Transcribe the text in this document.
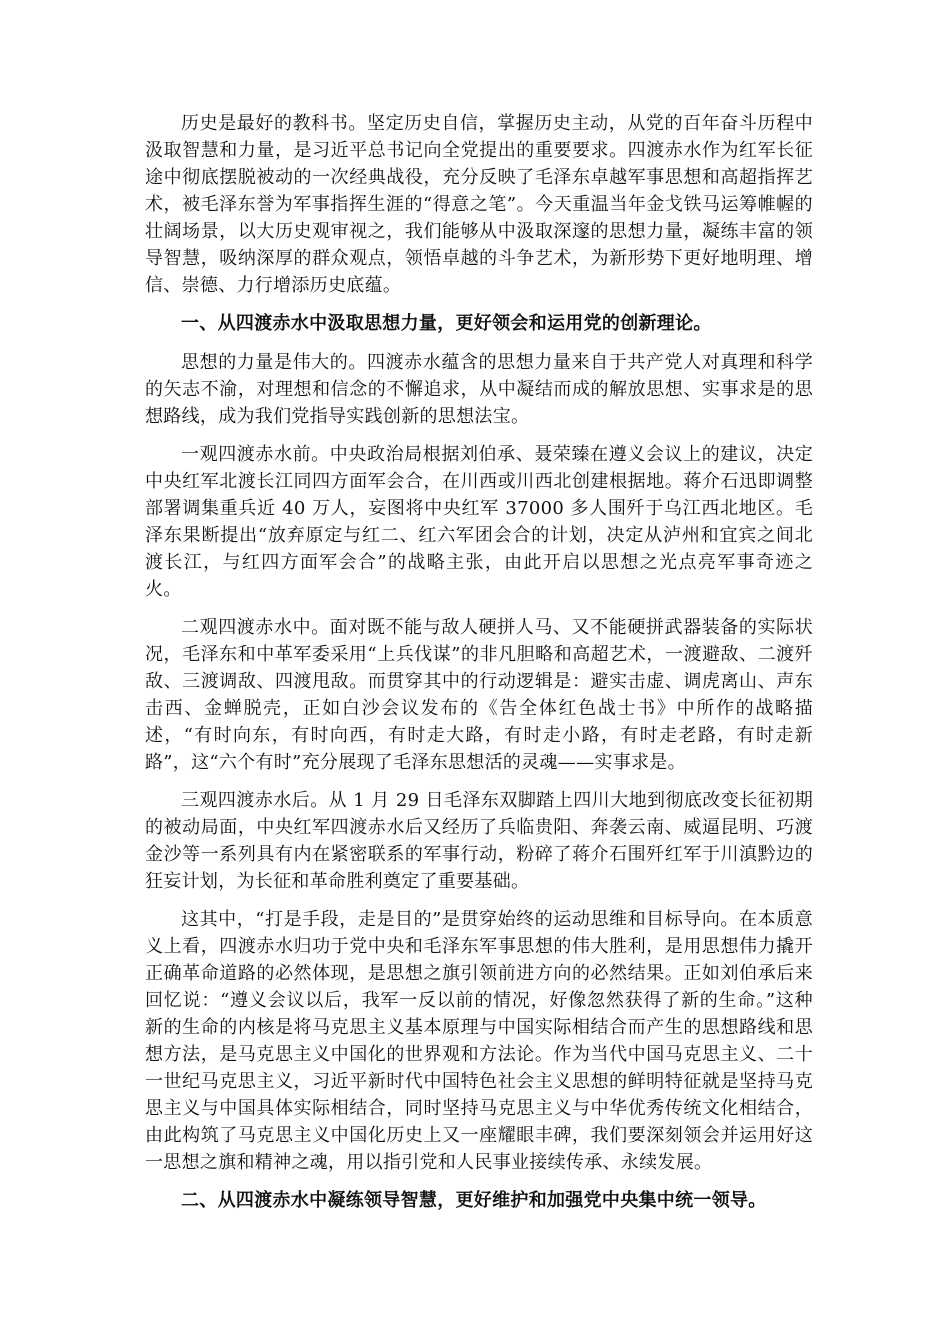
历史是最好的教科书。坚定历史自信，掌握历史主动，从党的百年奋斗历程中汲取智慧和力量，是习近平总书记向全党提出的重要要求。四渡赤水作为红军长征途中彻底摆脱被动的一次经典战役，充分反映了毛泽东卓越军事思想和高超指挥艺术，被毛泽东誉为军事指挥生涯的“得意之笔”。今天重温当年金戈铁马运筹帷幄的壮阔场景，以大历史观审视之，我们能够从中汲取深邃的思想力量，凝练丰富的领导智慧，吸纳深厚的群众观点，领悟卓越的斗争艺术，为新形势下更好地明理、增信、崇德、力行增添历史底蕴。

一、从四渡赤水中汲取思想力量，更好领会和运用党的创新理论。

思想的力量是伟大的。四渡赤水蕴含的思想力量来自于共产党人对真理和科学的矢志不渝，对理想和信念的不懈追求，从中凝结而成的解放思想、实事求是的思想路线，成为我们党指导实践创新的思想法宝。

一观四渡赤水前。中央政治局根据刘伯承、聂荣臻在遵义会议上的建议，决定中央红军北渡长江同四方面军会合，在川西或川西北创建根据地。蒋介石迅即调整部署调集重兵近 40 万人，妄图将中央红军 37000 多人围歼于乌江西北地区。毛泽东果断提出“放弃原定与红二、红六军团会合的计划，决定从泸州和宜宾之间北渡长江，与红四方面军会合”的战略主张，由此开启以思想之光点亮军事奇迹之火。

二观四渡赤水中。面对既不能与敌人硬拼人马、又不能硬拼武器装备的实际状况，毛泽东和中革军委采用“上兵伐谋”的非凡胆略和高超艺术，一渡避敌、二渡歼敌、三渡调敌、四渡甩敌。而贯穿其中的行动逻辑是：避实击虚、调虎离山、声东击西、金蝉脱壳，正如白沙会议发布的《告全体红色战士书》中所作的战略描述，“有时向东，有时向西，有时走大路，有时走小路，有时走老路，有时走新路”，这“六个有时”充分展现了毛泽东思想活的灵魂——实事求是。

三观四渡赤水后。从 1 月 29 日毛泽东双脚踏上四川大地到彻底改变长征初期的被动局面，中央红军四渡赤水后又经历了兵临贵阳、奔袭云南、威逼昆明、巧渡金沙等一系列具有内在紧密联系的军事行动，粉碎了蒋介石围歼红军于川滇黔边的狂妄计划，为长征和革命胜利奠定了重要基础。

这其中，“打是手段，走是目的”是贯穿始终的运动思维和目标导向。在本质意义上看，四渡赤水归功于党中央和毛泽东军事思想的伟大胜利，是用思想伟力撬开正确革命道路的必然体现，是思想之旗引领前进方向的必然结果。正如刘伯承后来回忆说：“遵义会议以后，我军一反以前的情况，好像忽然获得了新的生命。”这种新的生命的内核是将马克思主义基本原理与中国实际相结合而产生的思想路线和思想方法，是马克思主义中国化的世界观和方法论。作为当代中国马克思主义、二十一世纪马克思主义，习近平新时代中国特色社会主义思想的鲜明特征就是坚持马克思主义与中国具体实际相结合，同时坚持马克思主义与中华优秀传统文化相结合，由此构筑了马克思主义中国化历史上又一座耀眼丰碑，我们要深刻领会并运用好这一思想之旗和精神之魂，用以指引党和人民事业接续传承、永续发展。

二、从四渡赤水中凝练领导智慧，更好维护和加强党中央集中统一领导。
